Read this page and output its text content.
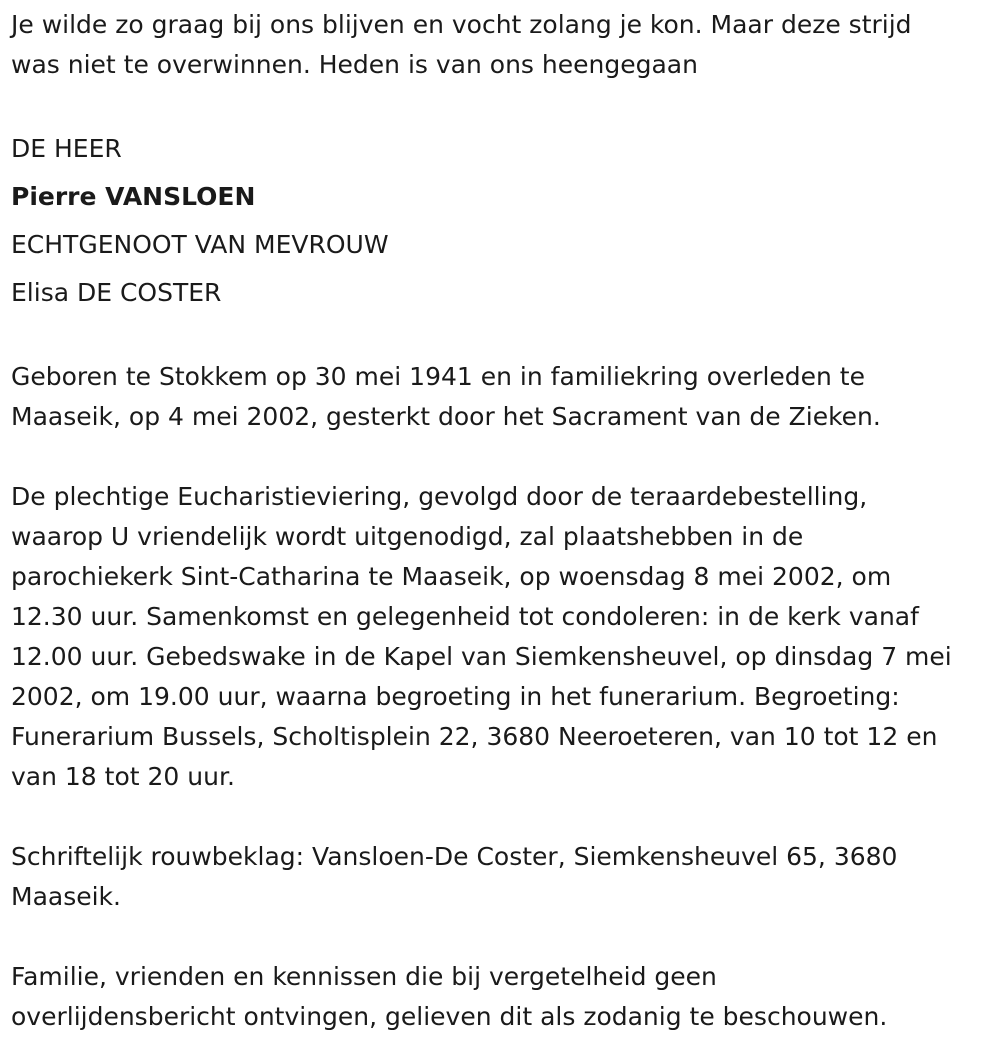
Je wilde zo graag bij ons blijven en vocht zolang je kon. Maar deze strijd
was niet te overwinnen. Heden is van ons heengegaan
DE HEER
Pierre VANSLOEN
ECHTGENOOT VAN MEVROUW
Elisa DE COSTER
Geboren te Stokkem op 30 mei 1941 en in familiekring overleden te
Maaseik, op 4 mei 2002, gesterkt door het Sacrament van de Zieken.
De plechtige Eucharistieviering, gevolgd door de teraardebestelling,
waarop U vriendelijk wordt uitgenodigd, zal plaatshebben in de
parochiekerk Sint-Catharina te Maaseik, op woensdag 8 mei 2002, om
12.30 uur. Samenkomst en gelegenheid tot condoleren: in de kerk vanaf
12.00 uur. Gebedswake in de Kapel van Siemkensheuvel, op dinsdag 7 mei
2002, om 19.00 uur, waarna begroeting in het funerarium. Begroeting:
Funerarium Bussels, Scholtisplein 22, 3680 Neeroeteren, van 10 tot 12 en
van 18 tot 20 uur.
Schriftelijk rouwbeklag: Vansloen-De Coster, Siemkensheuvel 65, 3680
Maaseik.
Familie, vrienden en kennissen die bij vergetelheid geen
overlijdensbericht ontvingen, gelieven dit als zodanig te beschouwen.
